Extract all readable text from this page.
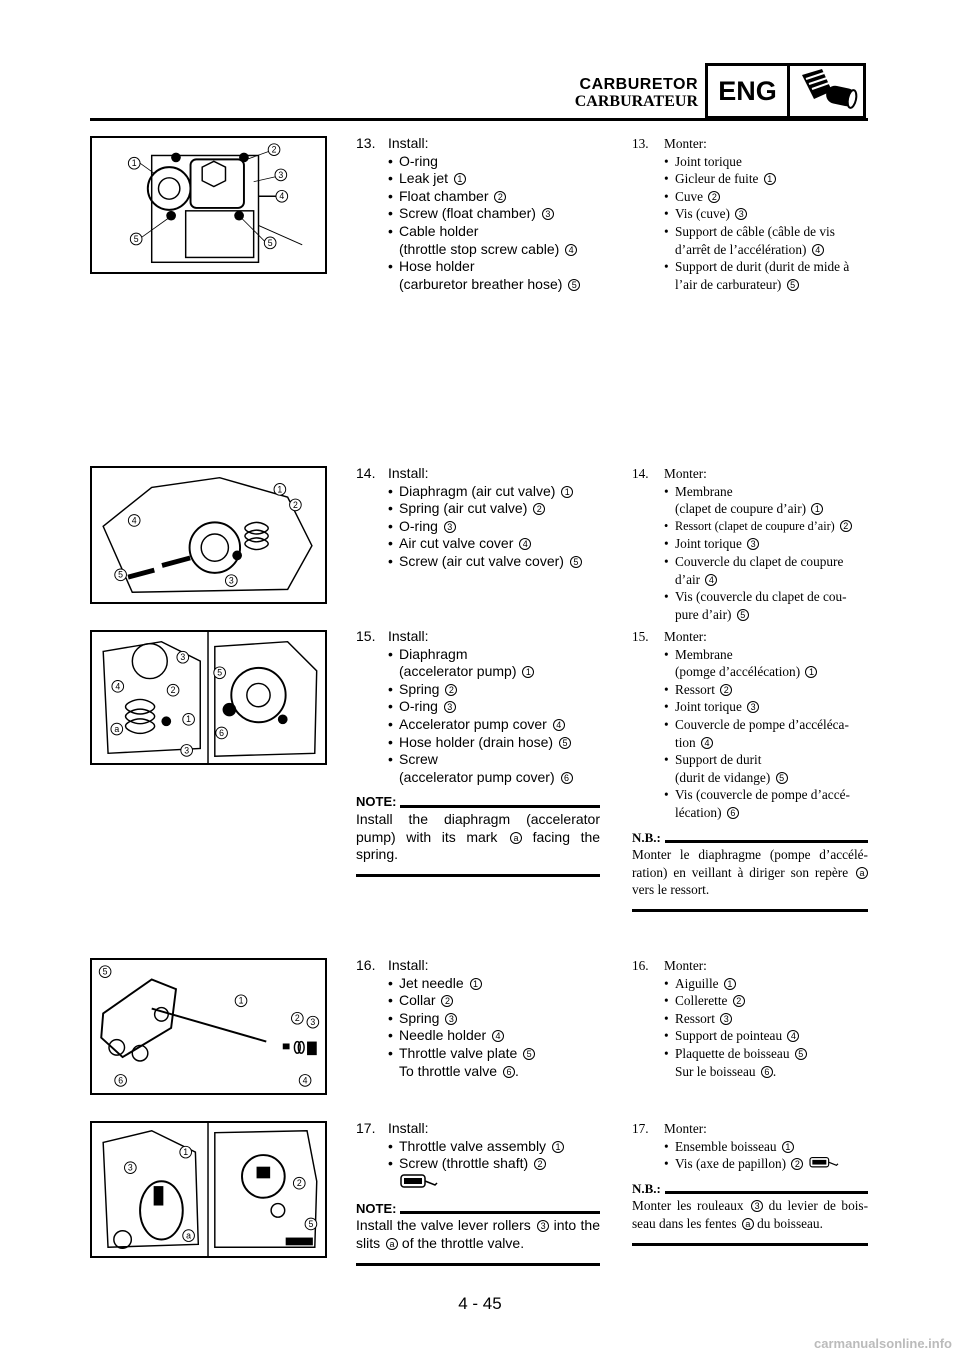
CARBURETOR
CARBURATEUR ENG
1
2
3
4
5	5
1
2
3
4
5
1
2
3
3
4
5
6
a
1
2 3
4
5
6
1
2
3
5
a
13. Install:
• O-ring
• Leak jet 1
• Float chamber 2
• Screw (float chamber) 3
• Cable holder
(throttle stop screw cable) 4
• Hose holder
(carburetor breather hose) 5
13. Monter:
• Joint torique
• Gicleur de fuite 1
• Cuve 2
• Vis (cuve) 3
• Support de câble (câble de vis
d’arrêt de l’accélération) 4
• Support de durit (durit de mide à
l’air de carburateur) 5
14. Install:
• Diaphragm (air cut valve) 1
• Spring (air cut valve) 2
• O-ring 3
• Air cut valve cover 4
• Screw (air cut valve cover) 5
14. Monter:
• Membrane
(clapet de coupure d’air) 1
• Ressort (clapet de coupure d’air) 2
• Joint torique 3
• Couvercle du clapet de coupure
d’air 4
• Vis (couvercle du clapet de cou-
pure d’air) 5
15. Install:
• Diaphragm
(accelerator pump) 1
• Spring 2
• O-ring 3
• Accelerator pump cover 4
• Hose holder (drain hose) 5
• Screw
(accelerator pump cover) 6
NOTE:
Install the diaphragm (accelerator pump) with its mark a facing the spring.
15. Monter:
• Membrane
(pomge d’accélécation) 1
• Ressort 2
• Joint torique 3
• Couvercle de pompe d’accéléca-
tion 4
• Support de durit
(durit de vidange) 5
• Vis (couvercle de pompe d’accé-
lécation) 6
N.B.:
Monter le diaphragme (pompe d’accélé- ration) en veillant à diriger son repère a vers le ressort.
16. Install:
• Jet needle 1
• Collar 2
• Spring 3
• Needle holder 4
• Throttle valve plate 5
To throttle valve 6 .
16. Monter:
• Aiguille 1
• Collerette 2
• Ressort 3
• Support de pointeau 4
• Plaquette de boisseau 5
Sur le boisseau 6 .
17. Install:
• Throttle valve assembly 1
• Screw (throttle shaft) 2
NOTE:
Install the valve lever rollers 3 into the slits a of the throttle valve.
17. Monter:
• Ensemble boisseau 1
• Vis (axe de papillon) 2
N.B.:
Monter les rouleaux 3 du levier de bois- seau dans les fentes a du boisseau.
4 - 45
carmanualsonline.info
